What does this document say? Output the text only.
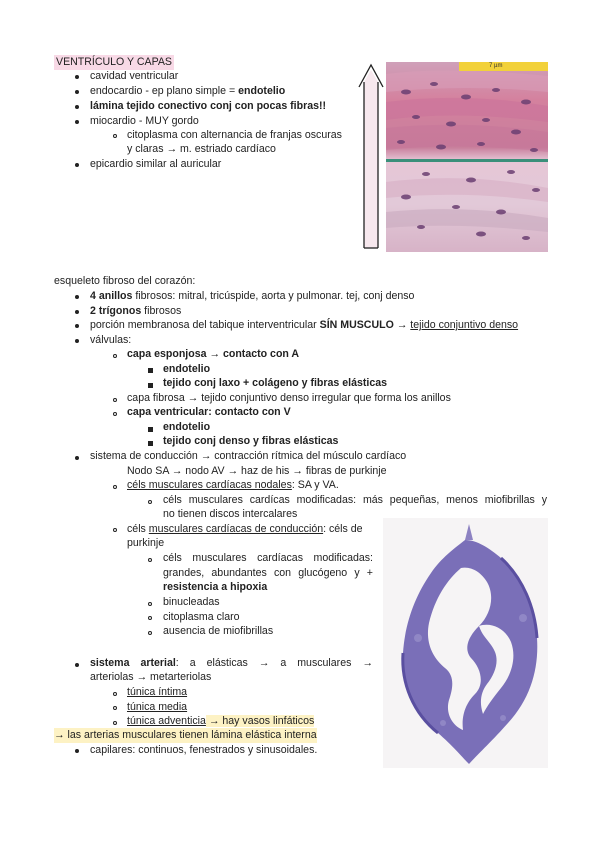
VENTRÍCULO Y CAPAS
cavidad ventricular
endocardio - ep plano simple = endotelio
lámina tejido conectivo conj con pocas fibras!!
miocardio - MUY gordo
citoplasma con alternancia de franjas oscuras
y claras → m. estriado cardíaco
epicardio similar al auricular
7 µm
esqueleto fibroso del corazón:
4 anillos fibrosos: mitral, tricúspide, aorta y pulmonar. tej, conj denso
2 trígonos fibrosos
porción membranosa del tabique interventricular SÍN MUSCULO → tejido conjuntivo denso
válvulas:
capa esponjosa → contacto con A
endotelio
tejido conj laxo + colágeno y fibras elásticas
capa fibrosa → tejido conjuntivo denso irregular que forma los anillos
capa ventricular: contacto con V
endotelio
tejido conj denso y fibras elásticas
sistema de conducción → contracción rítmica del músculo cardíaco
Nodo SA → nodo AV → haz de his → fibras de purkinje
céls musculares cardíacas nodales: SA y VA.
céls musculares cardícas modificadas: más pequeñas, menos miofibrillas y
no tienen discos intercalares
céls musculares cardíacas de conducción: céls de
purkinje
céls musculares cardíacas modificadas:
grandes, abundantes con glucógeno y +
resistencia a hipoxia
binucleadas
citoplasma claro
ausencia de miofibrillas
sistema arterial: a elásticas → a musculares →
arteriolas → metarteriolas
túnica íntima
túnica media
túnica adventicia → hay vasos linfáticos
→ las arterias musculares tienen lámina elástica interna
capilares: continuos, fenestrados y sinusoidales.
